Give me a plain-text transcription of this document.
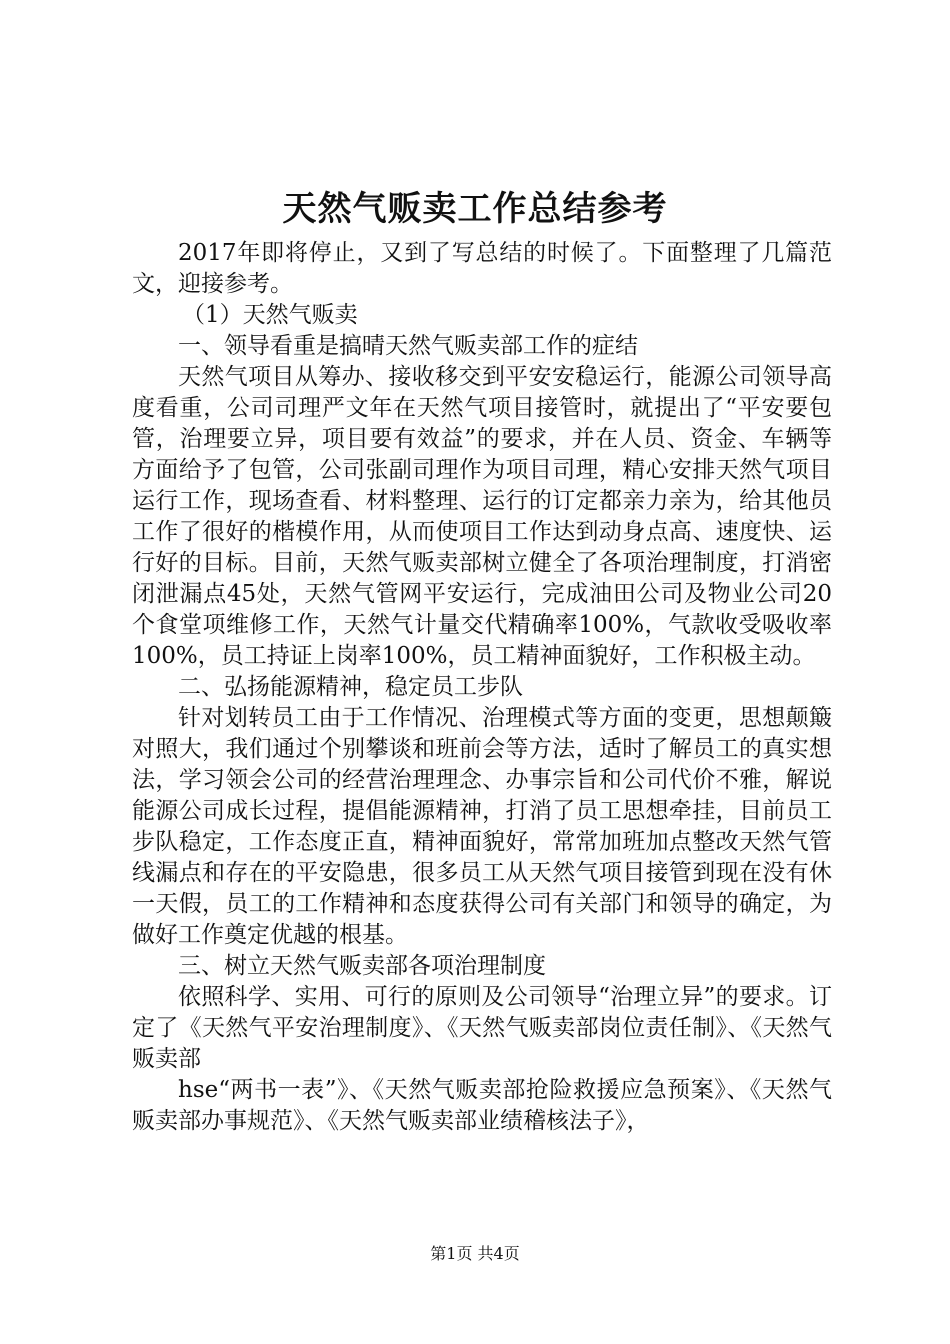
天然气贩卖工作总结参考

2017年即将停止，又到了写总结的时候了。下面整理了几篇范文，迎接参考。

（1）天然气贩卖

一、领导看重是搞晴天然气贩卖部工作的症结

天然气项目从筹办、接收移交到平安安稳运行，能源公司领导高度看重，公司司理严文年在天然气项目接管时，就提出了“平安要包管，治理要立异，项目要有效益”的要求，并在人员、资金、车辆等方面给予了包管，公司张副司理作为项目司理，精心安排天然气项目运行工作，现场查看、材料整理、运行的订定都亲力亲为，给其他员工作了很好的楷模作用，从而使项目工作达到动身点高、速度快、运行好的目标。目前，天然气贩卖部树立健全了各项治理制度，打消密闭泄漏点45处，天然气管网平安运行，完成油田公司及物业公司20个食堂项维修工作，天然气计量交代精确率100%，气款收受吸收率100%，员工持证上岗率100%，员工精神面貌好，工作积极主动。

二、弘扬能源精神，稳定员工步队

针对划转员工由于工作情况、治理模式等方面的变更，思想颠簸对照大，我们通过个别攀谈和班前会等方法，适时了解员工的真实想法，学习领会公司的经营治理理念、办事宗旨和公司代价不雅，解说能源公司成长过程，提倡能源精神，打消了员工思想牵挂，目前员工步队稳定，工作态度正直，精神面貌好，常常加班加点整改天然气管线漏点和存在的平安隐患，很多员工从天然气项目接管到现在没有休一天假，员工的工作精神和态度获得公司有关部门和领导的确定，为做好工作奠定优越的根基。

三、树立天然气贩卖部各项治理制度

依照科学、实用、可行的原则及公司领导“治理立异”的要求。订定了《天然气平安治理制度》、《天然气贩卖部岗位责任制》、《天然气贩卖部

hse“两书一表”》、《天然气贩卖部抢险救援应急预案》、《天然气贩卖部办事规范》、《天然气贩卖部业绩稽核法子》，

第1页 共4页
